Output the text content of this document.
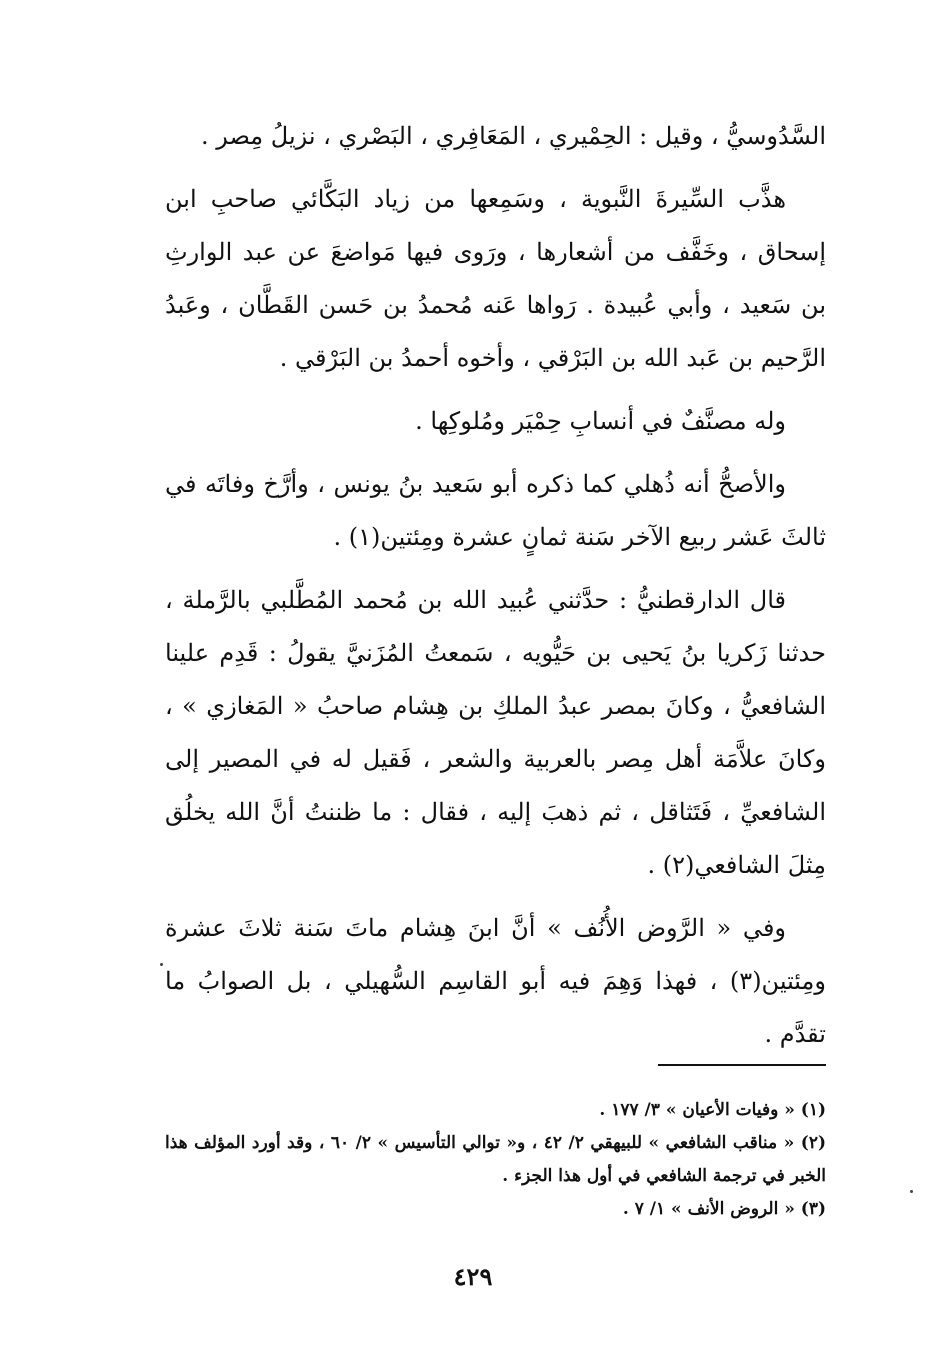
السَّدُوسيُّ ، وقيل : الحِمْيري ، المَعَافِري ، البَصْري ، نزيلُ مِصر .

هذَّب السِّيرةَ النَّبوية ، وسَمِعها من زياد البَكَّائي صاحبِ ابن إسحاق ، وخَفَّف من أشعارها ، ورَوى فيها مَواضعَ عن عبد الوارثِ بن سَعيد ، وأبي عُبيدة . رَواها عَنه مُحمدُ بن حَسن القَطَّان ، وعَبدُ الرَّحيم بن عَبد الله بن البَرْقي ، وأخوه أحمدُ بن البَرْقي .

وله مصنَّفٌ في أنسابِ حِمْيَر ومُلوكِها .

والأصحُّ أنه ذُهلي كما ذكره أبو سَعيد بنُ يونس ، وأرَّخ وفاتَه في ثالثَ عَشر ربيع الآخر سَنة ثمانٍ عشرة ومِئتين(١) .

قال الدارقطنيُّ : حدَّثني عُبيد الله بن مُحمد المُطَّلبي بالرَّملة ، حدثنا زَكريا بنُ يَحيى بن حَيُّويه ، سَمعتُ المُزَنيَّ يقولُ : قَدِم علينا الشافعيُّ ، وكانَ بمصر عبدُ الملكِ بن هِشام صاحبُ « المَغازي » ، وكانَ علاَّمَة أهل مِصر بالعربية والشعر ، فَقيل له في المصير إلى الشافعيِّ ، فَتَثاقل ، ثم ذهبَ إليه ، فقال : ما ظننتُ أنَّ الله يخلُق مِثلَ الشافعي(٢) .

وفي « الرَّوض الأُنُف » أنَّ ابنَ هِشام ماتَ سَنة ثلاثَ عشرة ومِئتين(٣) ، فهذا وَهِمَ فيه أبو القاسِم السُّهيلي ، بل الصوابُ ما تقدَّم .

(١) « وفيات الأعيان » ٣/ ١٧٧ .

(٢) « مناقب الشافعي » للبيهقي ٢/ ٤٢ ، و« توالي التأسيس » ٢/ ٦٠ ، وقد أورد المؤلف هذا الخبر في ترجمة الشافعي في أول هذا الجزء .

(٣) « الروض الأنف » ١/ ٧ .

٤٢٩
